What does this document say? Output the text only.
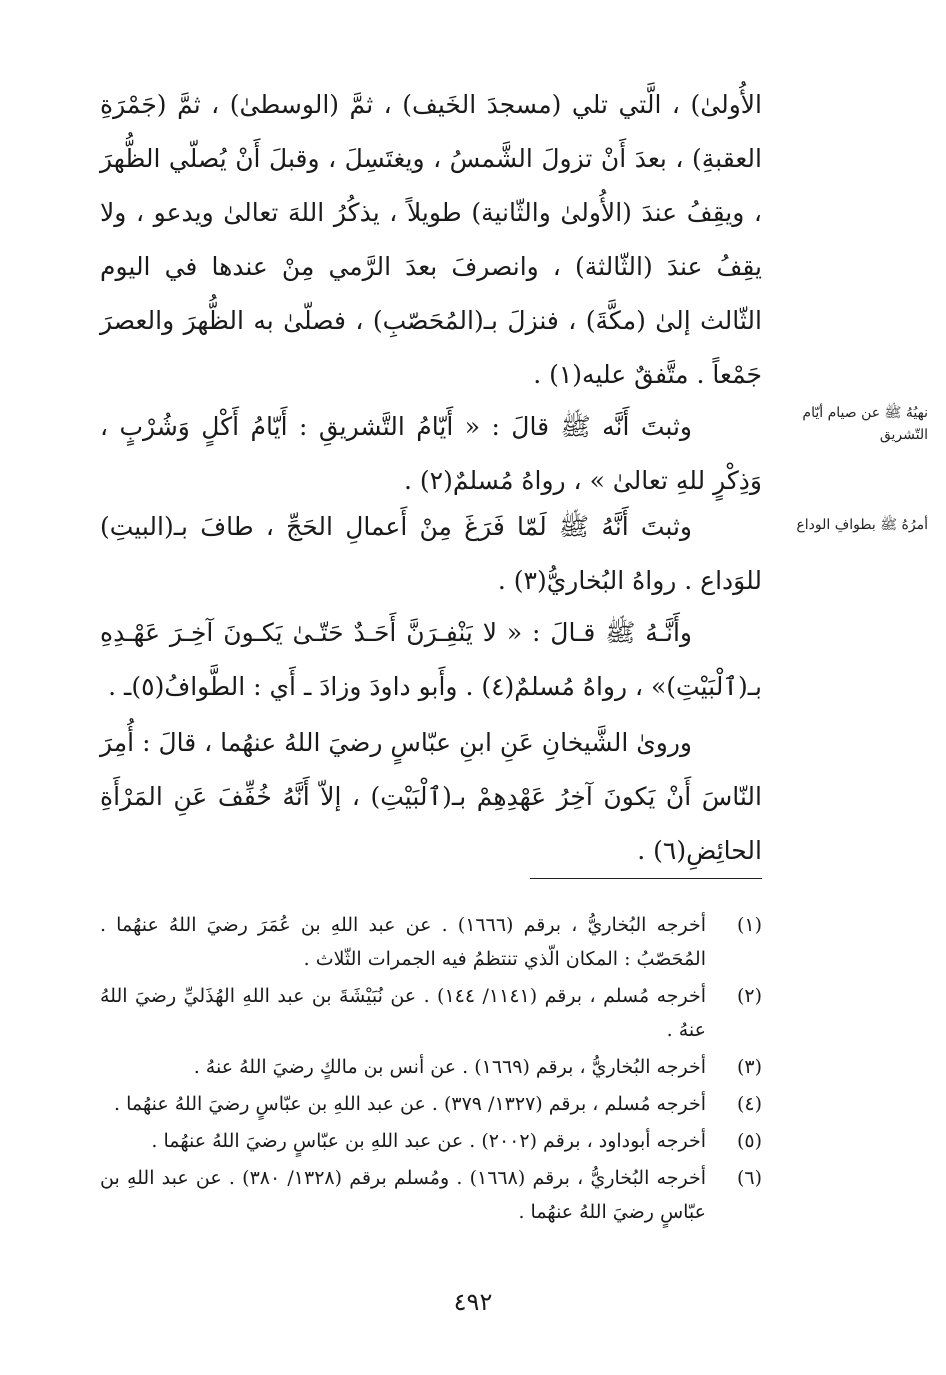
الأُولىٰ) ، الَّتي تلي (مسجدَ الخَيف) ، ثمَّ (الوسطىٰ) ، ثمَّ (جَمْرَةِ العقبةِ) ، بعدَ أَنْ تزولَ الشَّمسُ ، ويغتَسِلَ ، وقبلَ أَنْ يُصلّي الظُّهرَ ، ويقِفُ عندَ (الأُولىٰ والثّانية) طويلاً ، يذكُرُ اللهَ تعالىٰ ويدعو ، ولا يقِفُ عندَ (الثّالثة) ، وانصرفَ بعدَ الرَّمي مِنْ عندها في اليوم الثّالث إلىٰ (مكَّةَ) ، فنزلَ بـ(المُحَصّبِ) ، فصلّىٰ به الظُّهرَ والعصرَ جَمْعاً . متَّفقٌ عليه(١) .

وثبتَ أَنَّه ﷺ قالَ : « أَيّامُ التَّشريقِ : أَيّامُ أَكْلٍ وَشُرْبٍ ، وَذِكْرٍ للهِ تعالىٰ » ، رواهُ مُسلمٌ(٢) .

وثبتَ أَنَّهُ ﷺ لَمّا فَرَغَ مِنْ أَعمالِ الحَجِّ ، طافَ بـ(البيتِ) للوَداع . رواهُ البُخاريُّ(٣) .

وأَنَّـهُ ﷺ قـالَ : « لا يَنْفِـرَنَّ أَحَـدٌ حَتّـىٰ يَكـونَ آخِـرَ عَهْـدِهِ بـ(ٱلْبَيْتِ)» ، رواهُ مُسلمٌ(٤) . وأَبو داودَ وزادَ ـ أَي : الطَّوافُ(٥)ـ .

وروىٰ الشَّيخانِ عَنِ ابنِ عبّاسٍ رضيَ اللهُ عنهُما ، قالَ : أُمِرَ النّاسَ أَنْ يَكونَ آخِرُ عَهْدِهِمْ بـ(ٱلْبَيْتِ) ، إلاّ أَنَّهُ خُفِّفَ عَنِ المَرْأَةِ الحائِضِ(٦) .

نهيُهُ ﷺ عن صيام أيّام التّشريق
أمرُهُ ﷺ بطوافِ الوداع
(١)
أخرجه البُخاريُّ ، برقم (١٦٦٦) . عن عبد اللهِ بن عُمَرَ رضيَ اللهُ عنهُما . المُحَصّبُ : المكان الّذي تنتظمُ فيه الجمرات الثّلاث .
(٢)
أخرجه مُسلم ، برقم (١١٤١/ ١٤٤) . عن نُبَيْشَةَ بن عبد اللهِ الهُذَليِّ رضيَ اللهُ عنهُ .
(٣)
أخرجه البُخاريُّ ، برقم (١٦٦٩) . عن أنس بن مالكٍ رضيَ اللهُ عنهُ .
(٤)
أخرجه مُسلم ، برقم (١٣٢٧/ ٣٧٩) . عن عبد اللهِ بن عبّاسٍ رضيَ اللهُ عنهُما .
(٥)
أخرجه أبوداود ، برقم (٢٠٠٢) . عن عبد اللهِ بن عبّاسٍ رضيَ اللهُ عنهُما .
(٦)
أخرجه البُخاريُّ ، برقم (١٦٦٨) . ومُسلم برقم (١٣٢٨/ ٣٨٠) . عن عبد اللهِ بن عبّاسٍ رضيَ اللهُ عنهُما .
٤٩٢
